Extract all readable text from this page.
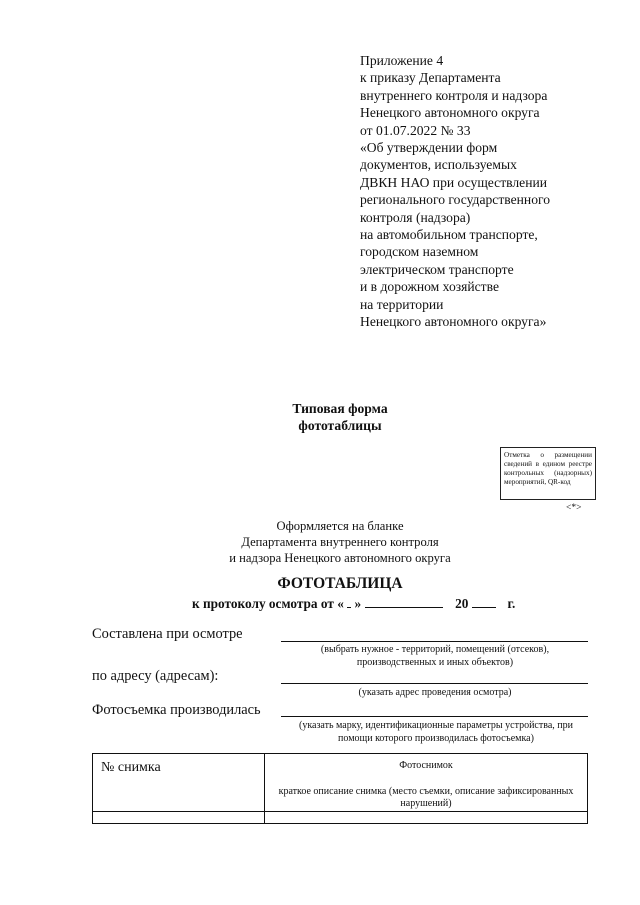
Приложение 4
к приказу Департамента
внутреннего контроля и надзора
Ненецкого автономного округа
от 01.07.2022 № 33
«Об утверждении форм
документов, используемых
ДВКН НАО при осуществлении
регионального государственного
контроля (надзора)
на автомобильном транспорте,
городском наземном
электрическом транспорте
и в дорожном хозяйстве
на территории
Ненецкого автономного округа»
Типовая форма
фототаблицы
Отметка о размещении сведений в едином реестре контрольных (надзорных) мероприятий, QR-код
<*>
Оформляется на бланке
Департамента внутреннего контроля
и надзора Ненецкого автономного округа
ФОТОТАБЛИЦА
к протоколу осмотра от « »	20	г.
Составлена при осмотре
(выбрать нужное - территорий, помещений (отсеков),
производственных и иных объектов)
по адресу (адресам):
(указать адрес проведения осмотра)
Фотосъемка производилась
(указать марку, идентификационные параметры устройства, при
помощи которого производилась фотосъемка)
№ снимка	Фотоснимок
краткое описание снимка (место съемки, описание зафиксированных нарушений)
